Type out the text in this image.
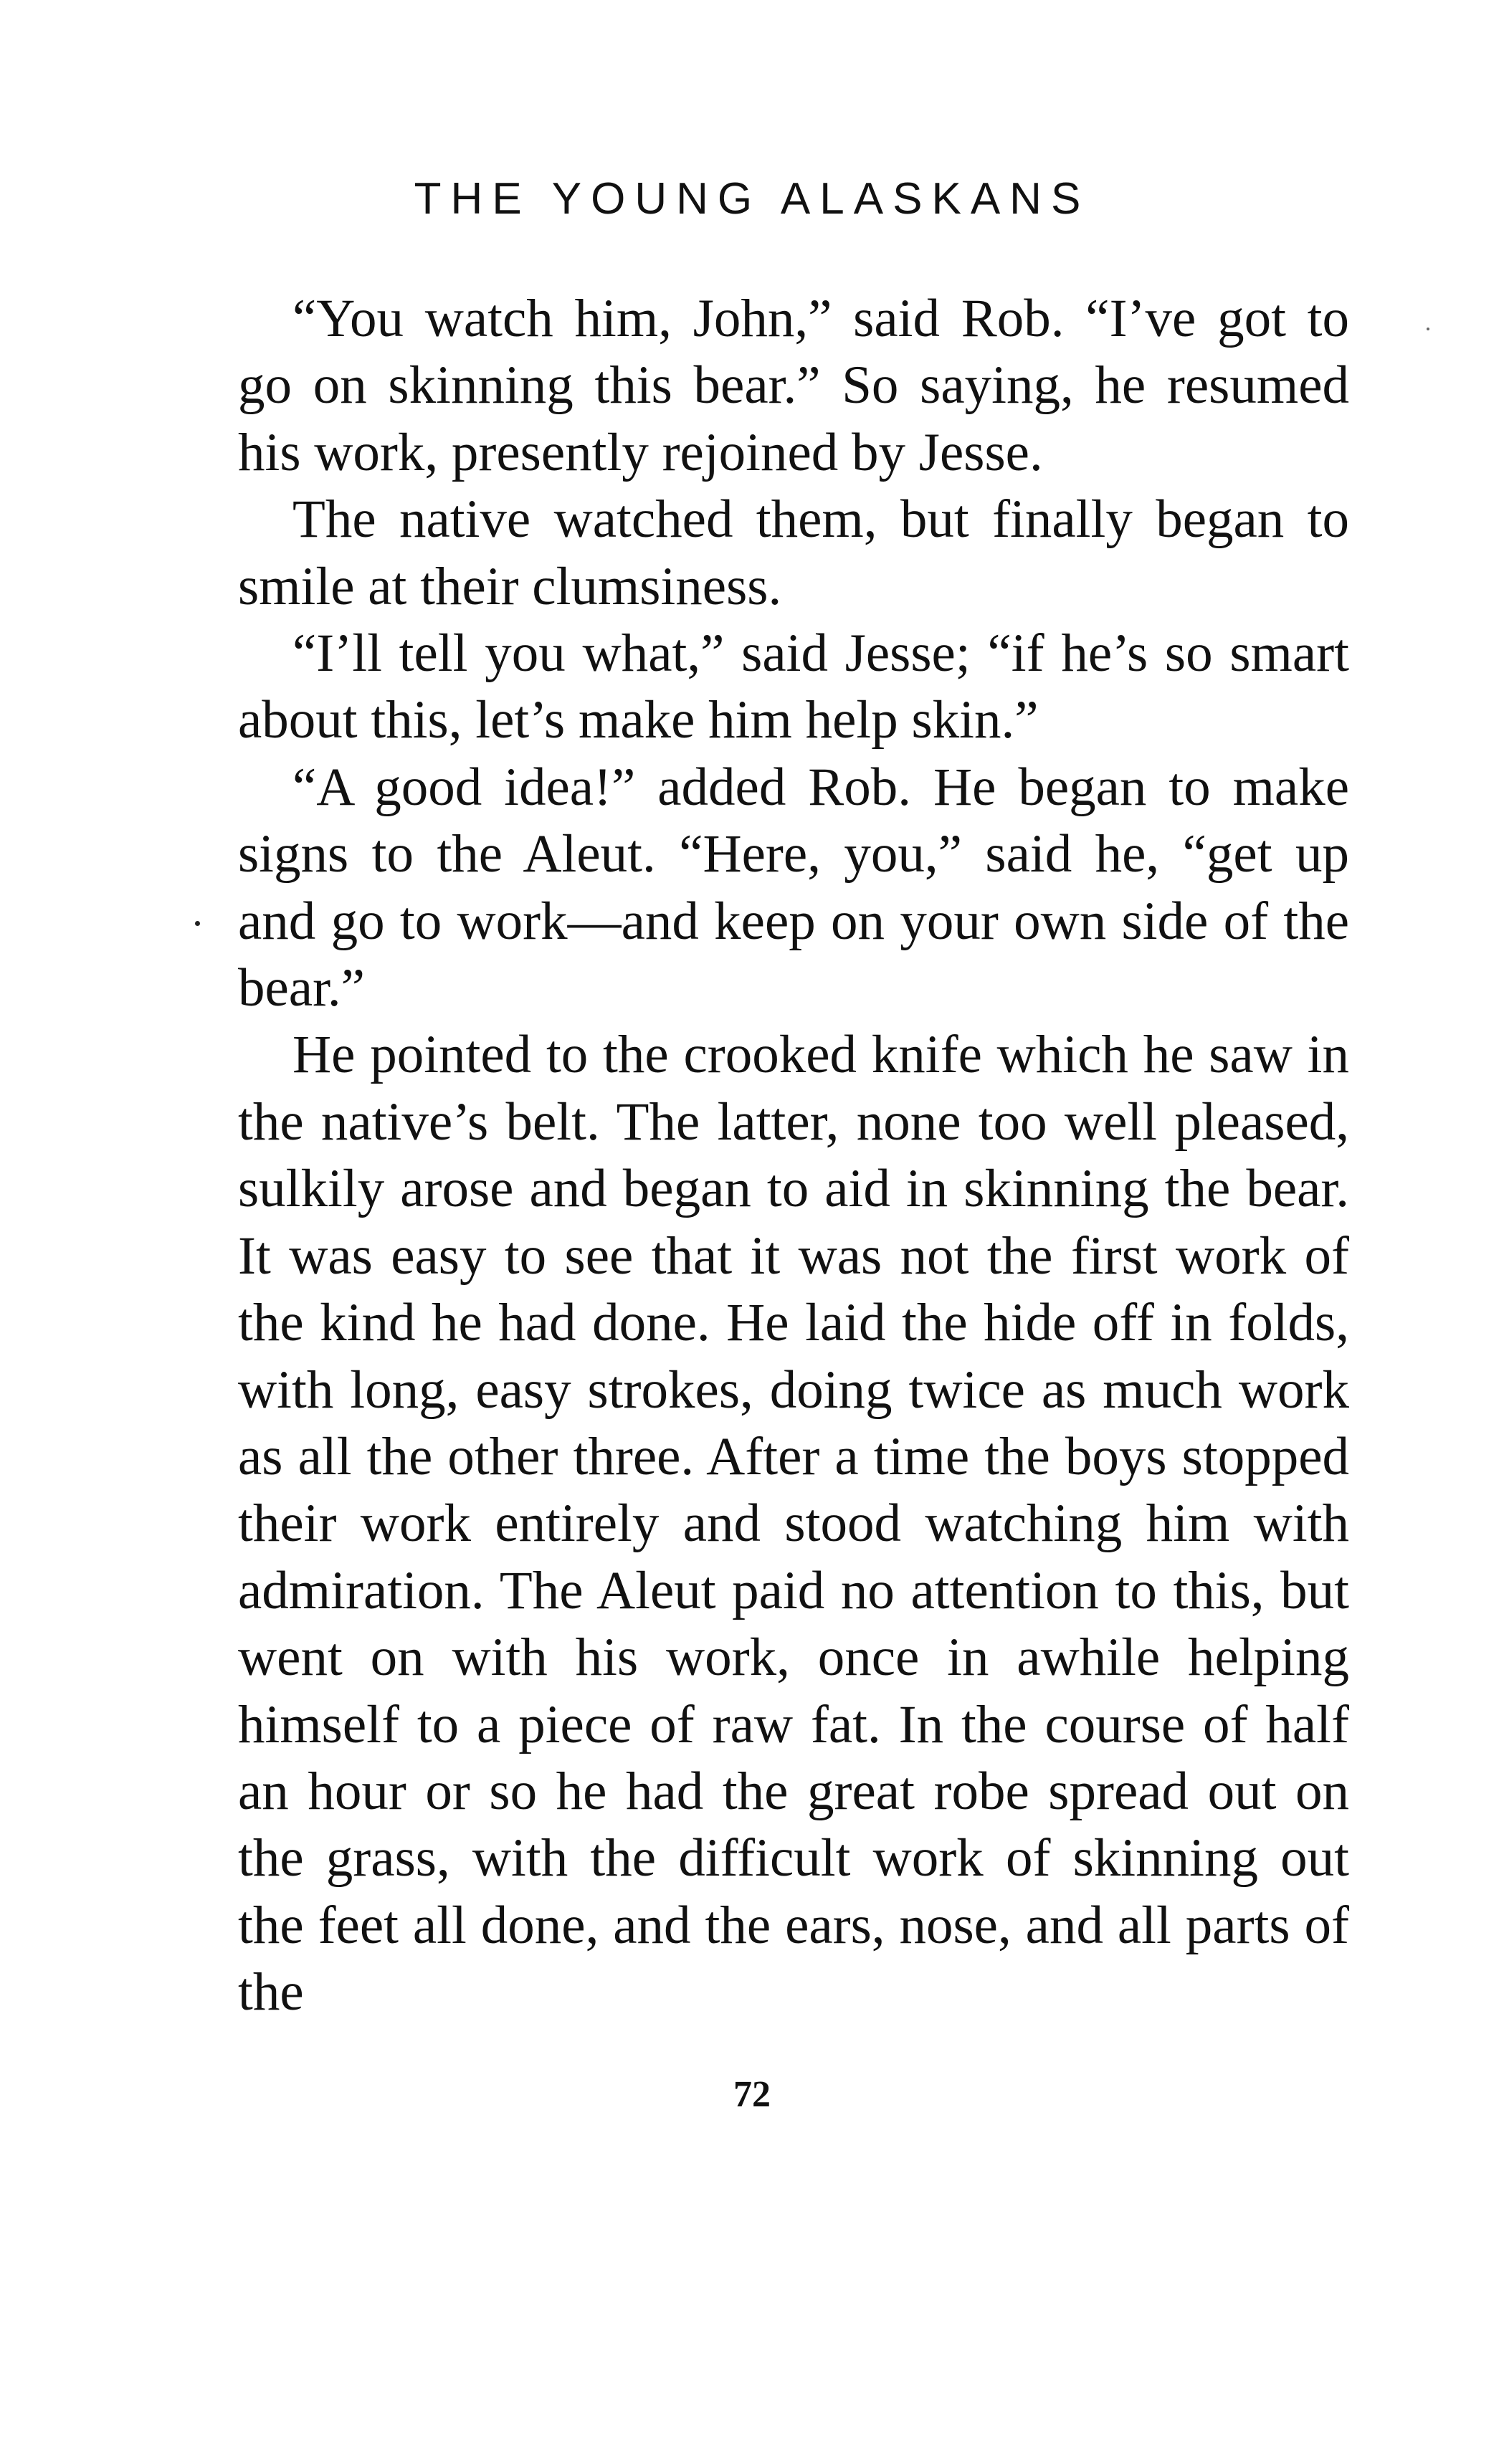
THE YOUNG ALASKANS

“You watch him, John,” said Rob. “I’ve got to go on skinning this bear.” So saying, he resumed his work, presently rejoined by Jesse.

The native watched them, but finally began to smile at their clumsiness.

“I’ll tell you what,” said Jesse; “if he’s so smart about this, let’s make him help skin.”

“A good idea!” added Rob. He began to make signs to the Aleut. “Here, you,” said he, “get up and go to work—and keep on your own side of the bear.”

He pointed to the crooked knife which he saw in the native’s belt. The latter, none too well pleased, sulkily arose and began to aid in skinning the bear. It was easy to see that it was not the first work of the kind he had done. He laid the hide off in folds, with long, easy strokes, doing twice as much work as all the other three. After a time the boys stopped their work entirely and stood watching him with admiration. The Aleut paid no attention to this, but went on with his work, once in awhile helping himself to a piece of raw fat. In the course of half an hour or so he had the great robe spread out on the grass, with the difficult work of skinning out the feet all done, and the ears, nose, and all parts of the

72
